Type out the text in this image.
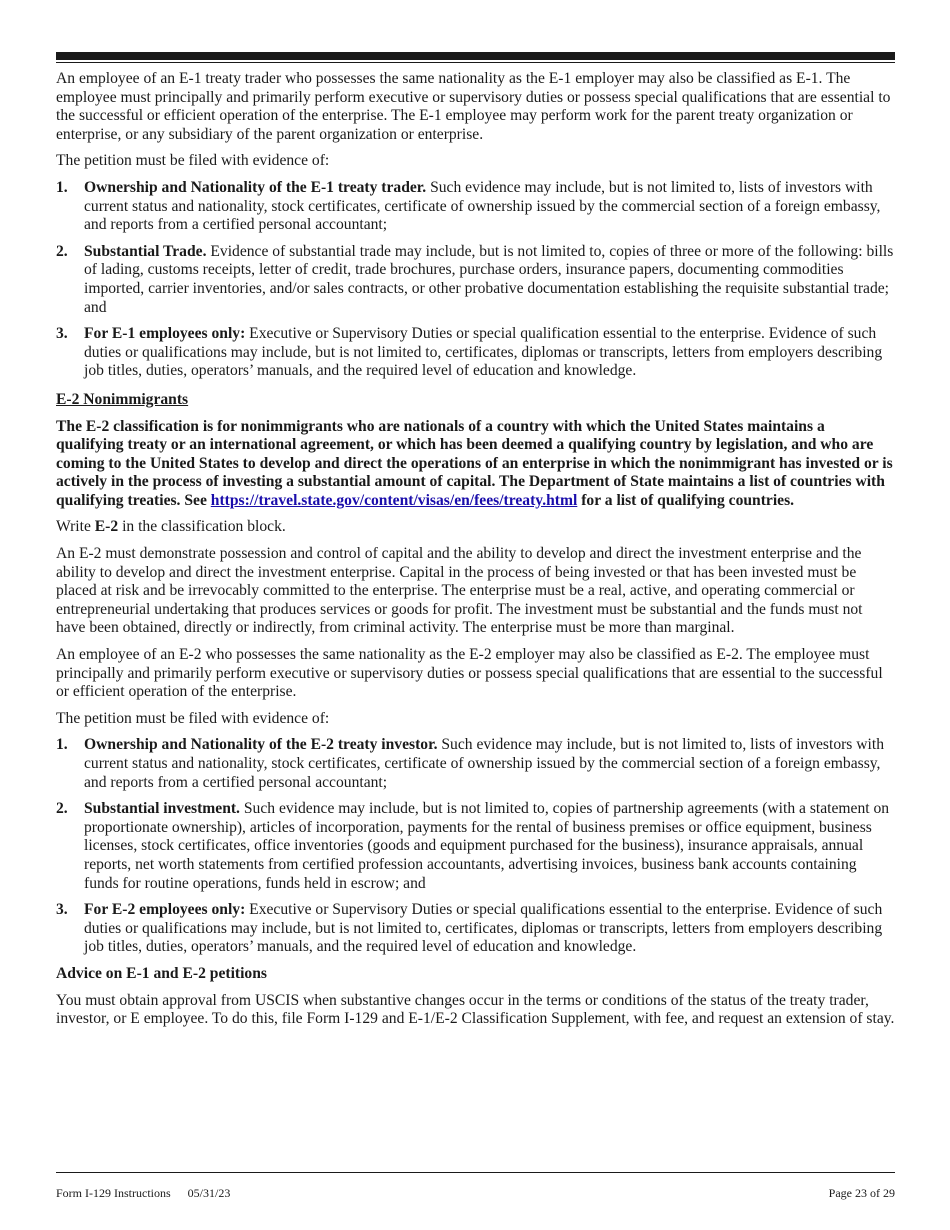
An employee of an E-1 treaty trader who possesses the same nationality as the E-1 employer may also be classified as E-1. The employee must principally and primarily perform executive or supervisory duties or possess special qualifications that are essential to the successful or efficient operation of the enterprise. The E-1 employee may perform work for the parent treaty organization or enterprise, or any subsidiary of the parent organization or enterprise.

The petition must be filed with evidence of:

1.	Ownership and Nationality of the E-1 treaty trader. Such evidence may include, but is not limited to, lists of investors with current status and nationality, stock certificates, certificate of ownership issued by the commercial section of a foreign embassy, and reports from a certified personal accountant;
2.	Substantial Trade. Evidence of substantial trade may include, but is not limited to, copies of three or more of the following: bills of lading, customs receipts, letter of credit, trade brochures, purchase orders, insurance papers, documenting commodities imported, carrier inventories, and/or sales contracts, or other probative documentation establishing the requisite substantial trade; and
3.	For E-1 employees only: Executive or Supervisory Duties or special qualification essential to the enterprise. Evidence of such duties or qualifications may include, but is not limited to, certificates, diplomas or transcripts, letters from employers describing job titles, duties, operators’ manuals, and the required level of education and knowledge.
E-2 Nonimmigrants

The E-2 classification is for nonimmigrants who are nationals of a country with which the United States maintains a qualifying treaty or an international agreement, or which has been deemed a qualifying country by legislation, and who are coming to the United States to develop and direct the operations of an enterprise in which the nonimmigrant has invested or is actively in the process of investing a substantial amount of capital. The Department of State maintains a list of countries with qualifying treaties. See https://travel.state.gov/content/visas/en/fees/treaty.html for a list of qualifying countries.

Write E-2 in the classification block.

An E-2 must demonstrate possession and control of capital and the ability to develop and direct the investment enterprise and the ability to develop and direct the investment enterprise. Capital in the process of being invested or that has been invested must be placed at risk and be irrevocably committed to the enterprise. The enterprise must be a real, active, and operating commercial or entrepreneurial undertaking that produces services or goods for profit. The investment must be substantial and the funds must not have been obtained, directly or indirectly, from criminal activity. The enterprise must be more than marginal.

An employee of an E-2 who possesses the same nationality as the E-2 employer may also be classified as E-2. The employee must principally and primarily perform executive or supervisory duties or possess special qualifications that are essential to the successful or efficient operation of the enterprise.

The petition must be filed with evidence of:

1.	Ownership and Nationality of the E-2 treaty investor. Such evidence may include, but is not limited to, lists of investors with current status and nationality, stock certificates, certificate of ownership issued by the commercial section of a foreign embassy, and reports from a certified personal accountant;
2.	Substantial investment. Such evidence may include, but is not limited to, copies of partnership agreements (with a statement on proportionate ownership), articles of incorporation, payments for the rental of business premises or office equipment, business licenses, stock certificates, office inventories (goods and equipment purchased for the business), insurance appraisals, annual reports, net worth statements from certified profession accountants, advertising invoices, business bank accounts containing funds for routine operations, funds held in escrow; and
3.	For E-2 employees only: Executive or Supervisory Duties or special qualifications essential to the enterprise. Evidence of such duties or qualifications may include, but is not limited to, certificates, diplomas or transcripts, letters from employers describing job titles, duties, operators’ manuals, and the required level of education and knowledge.
Advice on E-1 and E-2 petitions

You must obtain approval from USCIS when substantive changes occur in the terms or conditions of the status of the treaty trader, investor, or E employee. To do this, file Form I-129 and E-1/E-2 Classification Supplement, with fee, and request an extension of stay.

Form I-129 Instructions 05/31/23	Page 23 of 29
